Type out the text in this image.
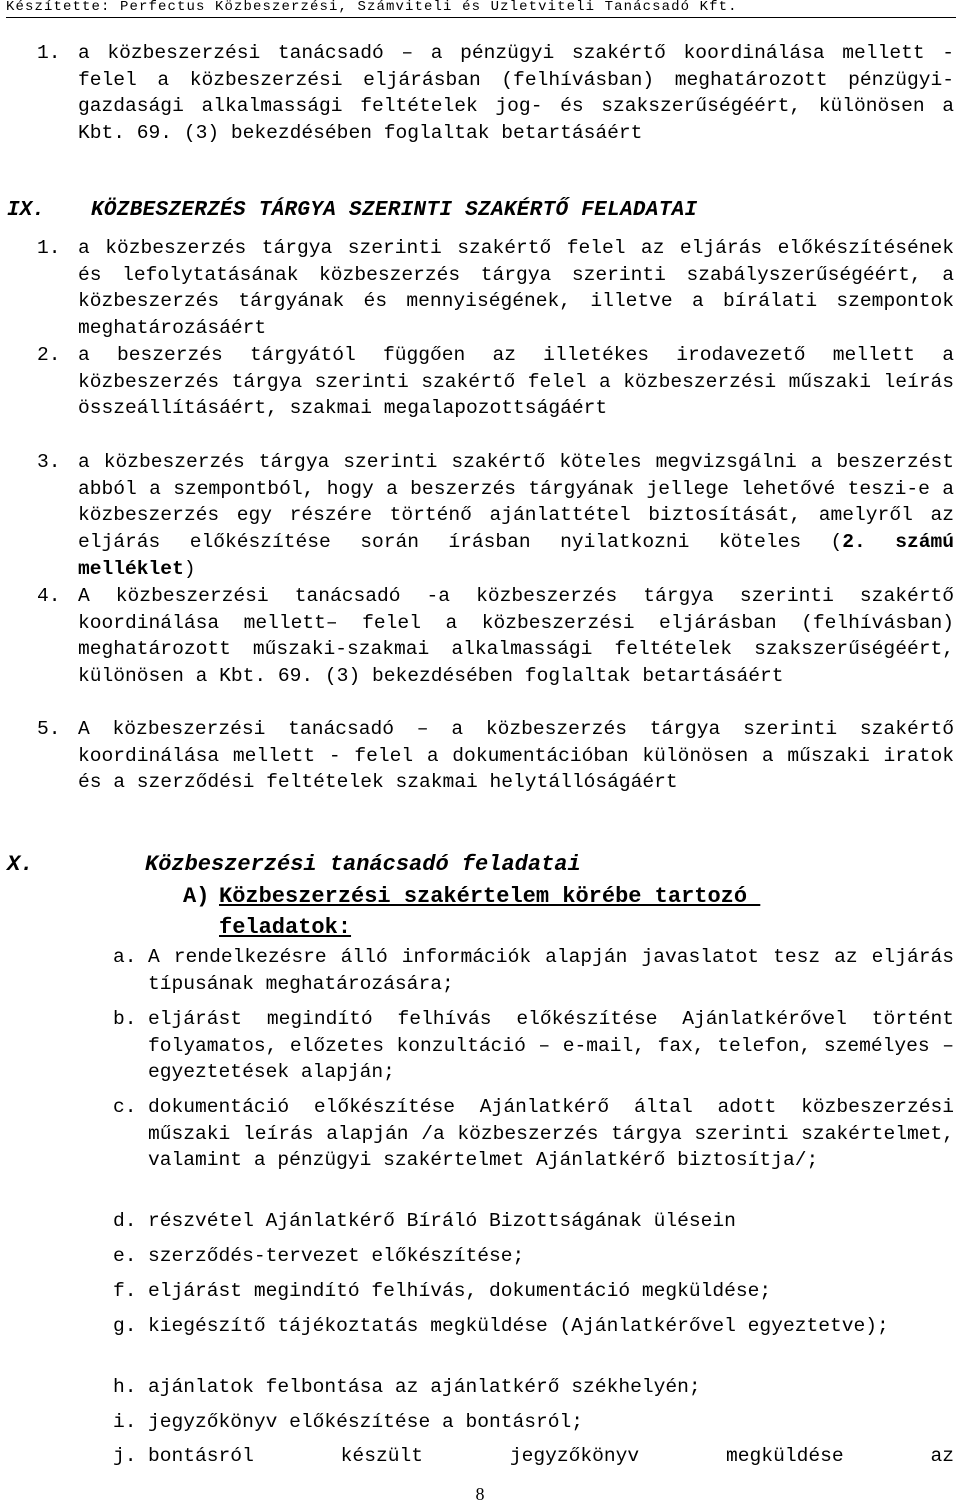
Készítette: Perfectus Közbeszerzési, Számviteli és Üzletviteli Tanácsadó Kft.
1. a közbeszerzési tanácsadó – a pénzügyi szakértő koordinálása mellett - felel a közbeszerzési eljárásban (felhívásban) meghatározott pénzügyi-gazdasági alkalmassági feltételek jog- és szakszerűségéért, különösen a Kbt. 69. (3) bekezdésében foglaltak betartásáért
IX. KÖZBESZERZÉS TÁRGYA SZERINTI SZAKÉRTŐ FELADATAI
1. a közbeszerzés tárgya szerinti szakértő felel az eljárás előkészítésének és lefolytatásának közbeszerzés tárgya szerinti szabályszerűségéért, a közbeszerzés tárgyának és mennyiségének, illetve a bírálati szempontok meghatározásáért
2. a beszerzés tárgyától függően az illetékes irodavezető mellett a közbeszerzés tárgya szerinti szakértő felel a közbeszerzési műszaki leírás összeállításáért, szakmai megalapozottságáért
3. a közbeszerzés tárgya szerinti szakértő köteles megvizsgálni a beszerzést abból a szempontból, hogy a beszerzés tárgyának jellege lehetővé teszi-e a közbeszerzés egy részére történő ajánlattétel biztosítását, amelyről az eljárás előkészítése során írásban nyilatkozni köteles (2. számú melléklet)
4. A közbeszerzési tanácsadó -a közbeszerzés tárgya szerinti szakértő koordinálása mellett– felel a közbeszerzési eljárásban (felhívásban) meghatározott műszaki-szakmai alkalmassági feltételek szakszerűségéért, különösen a Kbt. 69. (3) bekezdésében foglaltak betartásáért
5. A közbeszerzési tanácsadó – a közbeszerzés tárgya szerinti szakértő koordinálása mellett - felel a dokumentációban különösen a műszaki iratok és a szerződési feltételek szakmai helytállóságáért
X.	Közbeszerzési tanácsadó feladatai
A) Közbeszerzési szakértelem körébe tartozó
feladatok:
a. A rendelkezésre álló információk alapján javaslatot tesz az eljárás típusának meghatározására;
b. eljárást megindító felhívás előkészítése Ajánlatkérővel történt folyamatos, előzetes konzultáció – e-mail, fax, telefon, személyes – egyeztetések alapján;
c. dokumentáció előkészítése Ajánlatkérő által adott közbeszerzési műszaki leírás alapján /a közbeszerzés tárgya szerinti szakértelmet, valamint a pénzügyi szakértelmet Ajánlatkérő biztosítja/;
d. részvétel Ajánlatkérő Bíráló Bizottságának ülésein
e. szerződés-tervezet előkészítése;
f. eljárást megindító felhívás, dokumentáció megküldése;
g. kiegészítő tájékoztatás megküldése (Ajánlatkérővel egyeztetve);
h. ajánlatok felbontása az ajánlatkérő székhelyén;
i. jegyzőkönyv előkészítése a bontásról;
j. bontásról készült jegyzőkönyv megküldése az
8
